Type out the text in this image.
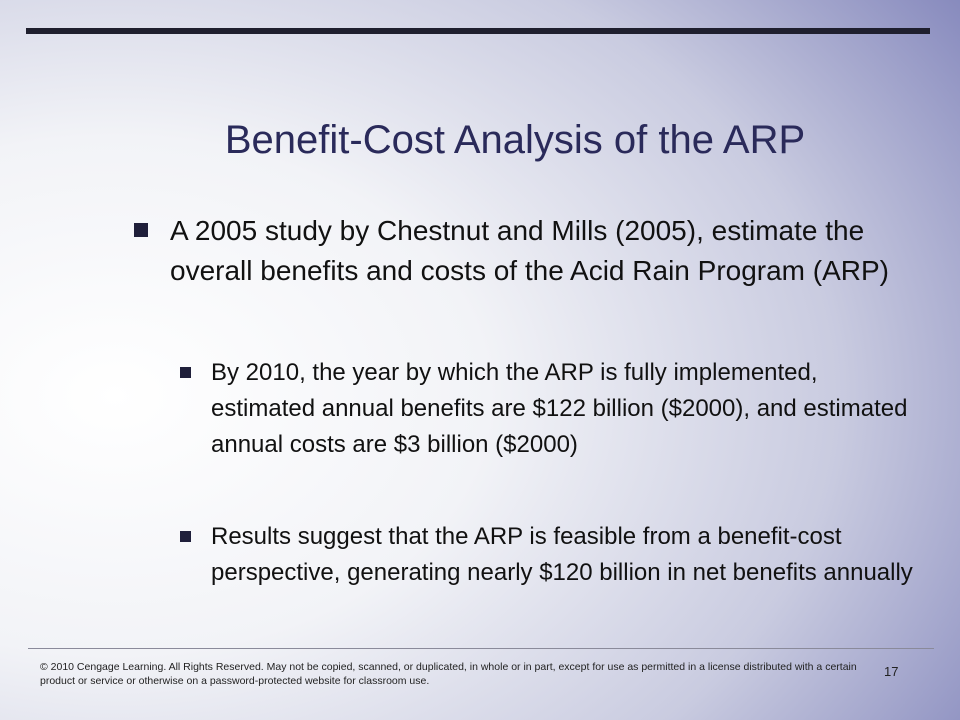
Benefit-Cost Analysis of the ARP
A 2005 study by Chestnut and Mills (2005), estimate the overall benefits and costs of the Acid Rain Program (ARP)
By 2010, the year by which the ARP is fully implemented, estimated annual benefits are $122 billion ($2000), and estimated annual costs are $3 billion ($2000)
Results suggest that the ARP is feasible from a benefit-cost perspective, generating nearly $120 billion in net benefits annually
© 2010 Cengage Learning. All Rights Reserved. May not be copied, scanned, or duplicated, in whole or in part, except for use as permitted in a license distributed with a certain product or service or otherwise on a password-protected website for classroom use.
17
